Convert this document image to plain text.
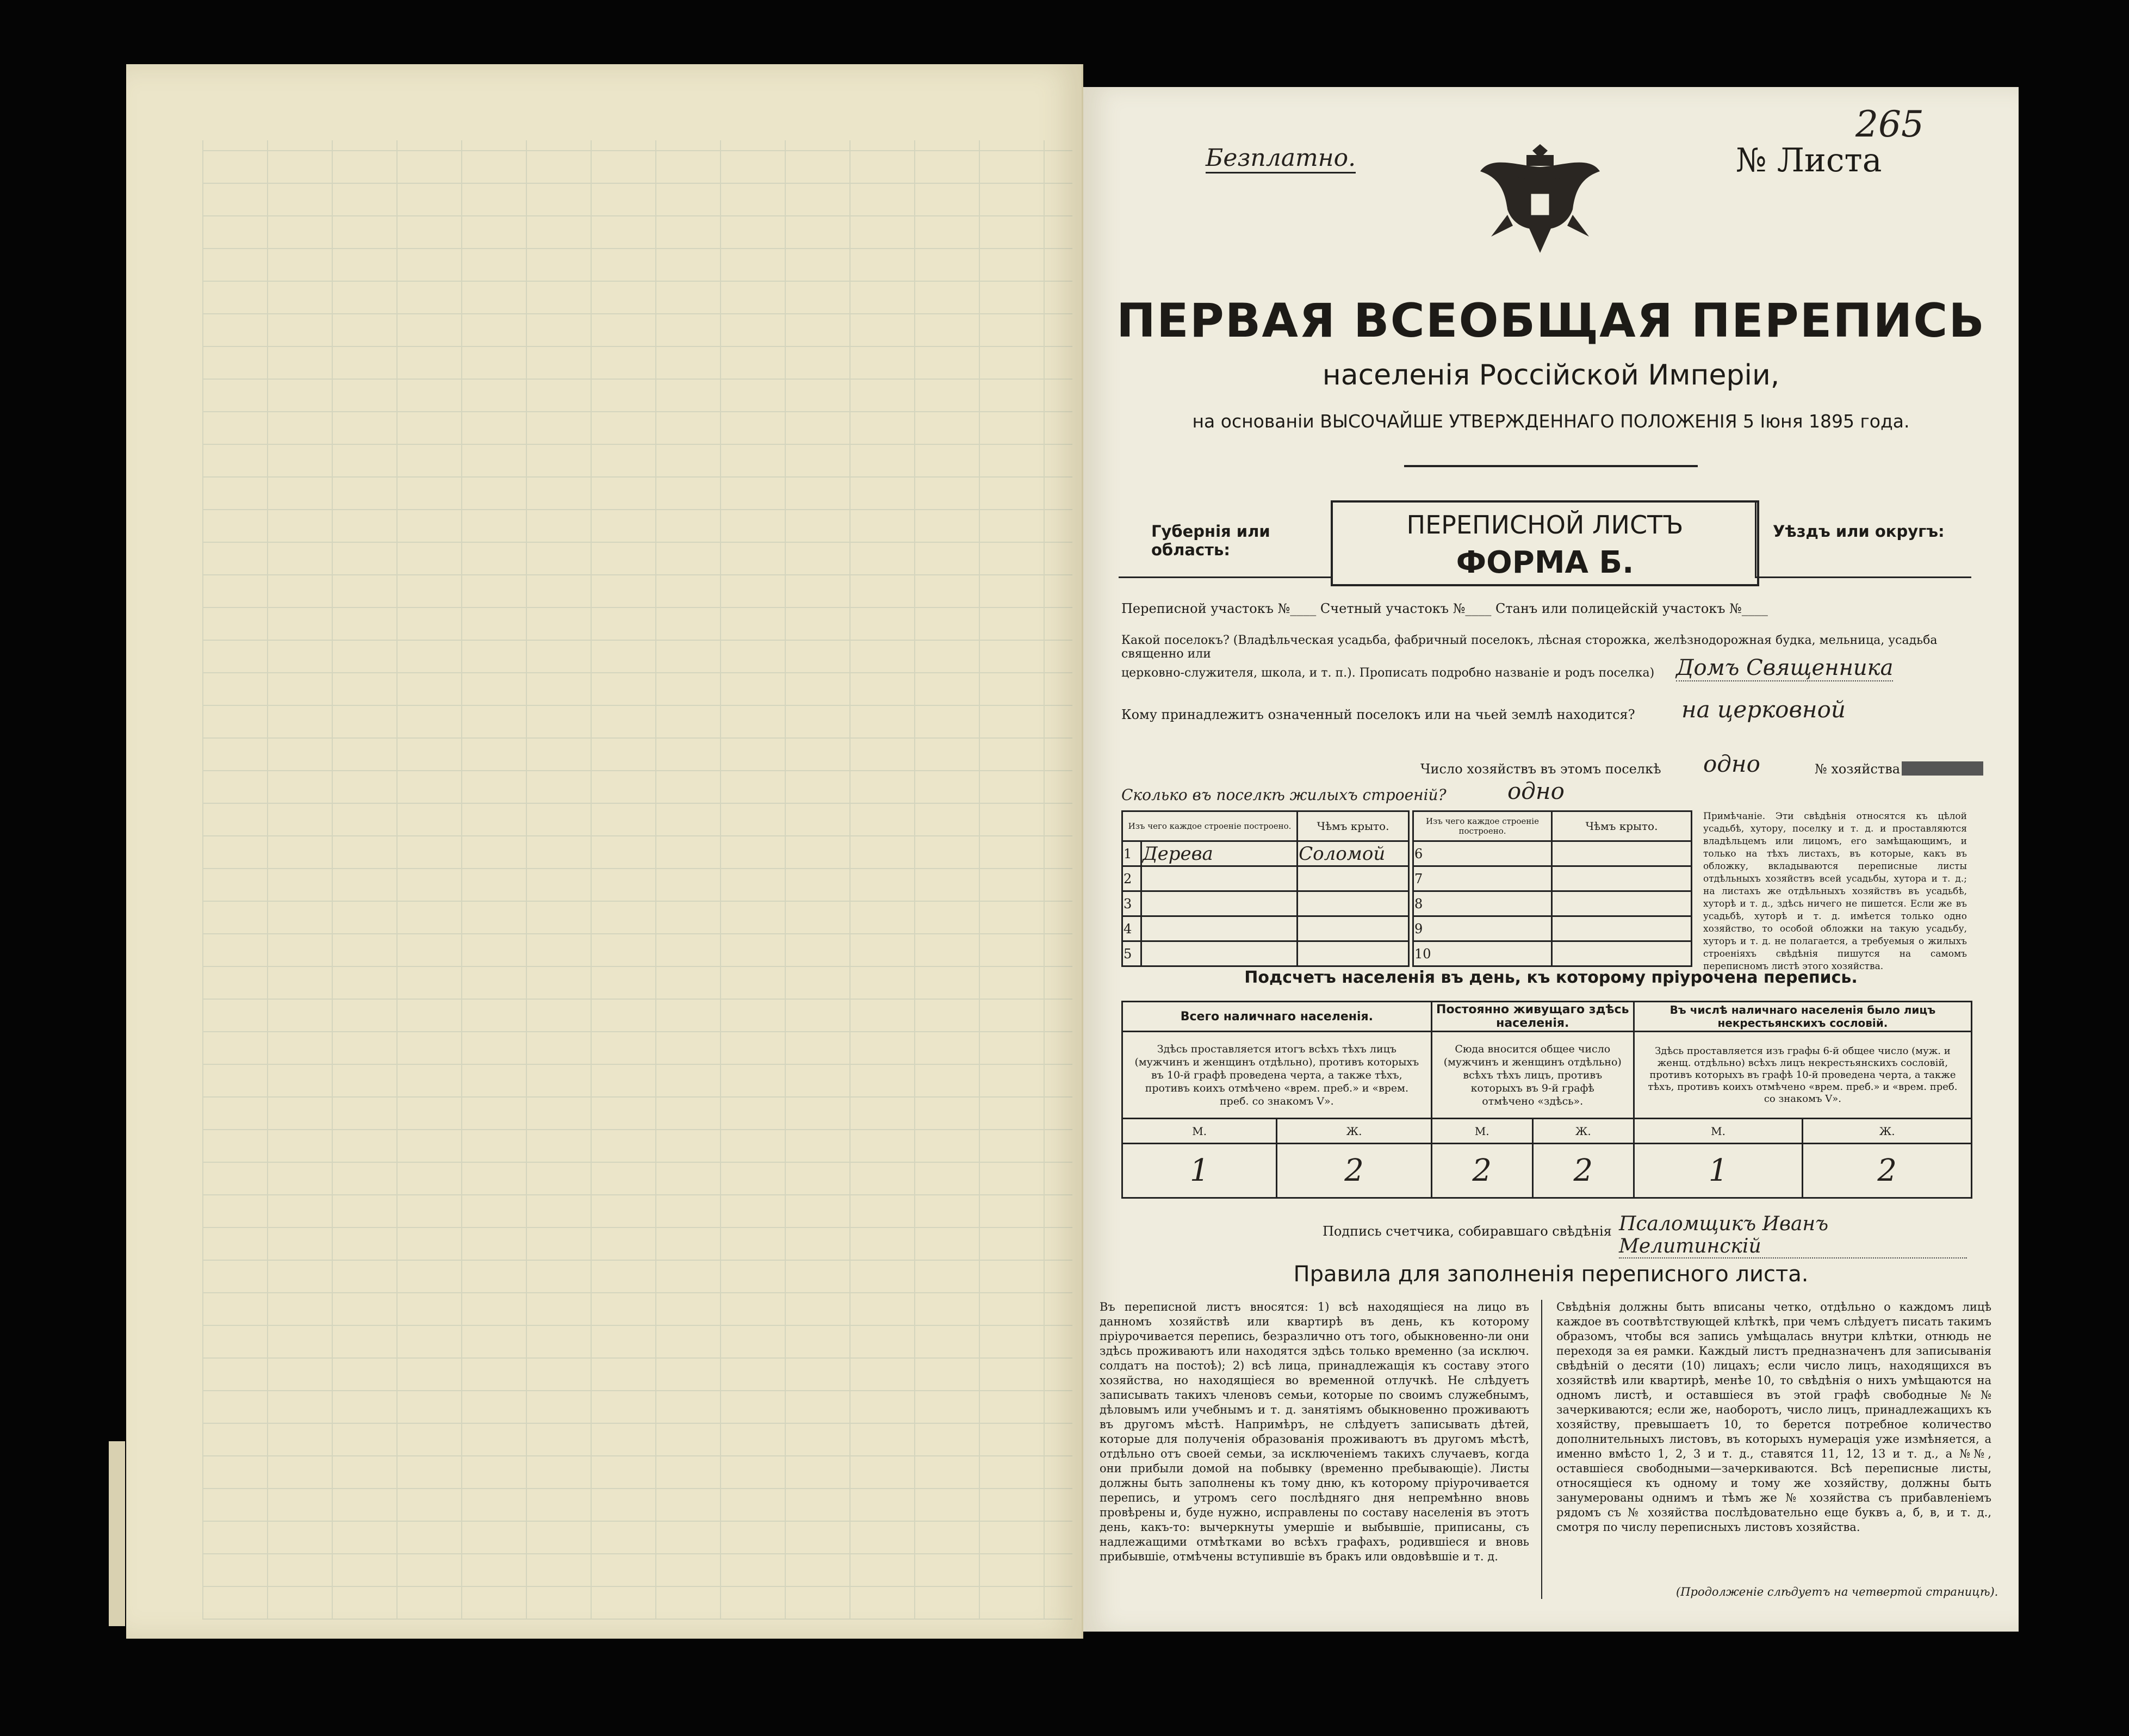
Безплатно.	№ Листа
265
ПЕРВАЯ ВСЕОБЩАЯ ПЕРЕПИСЬ
населенія Россійской Имперіи,
на основаніи ВЫСОЧАЙШЕ УТВЕРЖДЕННАГО ПОЛОЖЕНІЯ 5 Іюня 1895 года.
Губернія или область:
ПЕРЕПИСНОЙ ЛИСТЪ
ФОРМА Б.
Уѣздъ или округъ:
Переписной участокъ №____ Счетный участокъ №____ Станъ или полицейскій участокъ №____
Какой поселокъ? (Владѣльческая усадьба, фабричный поселокъ, лѣсная сторожка, желѣзнодорожная будка, мельница, усадьба священно или
церковно-служителя, школа, и т. п.). Прописать подробно названіе и родъ поселка) Домъ Священника
Кому принадлежитъ означенный поселокъ или на чьей землѣ находится? на церковной
Число хозяйствъ въ этомъ поселкѣ одно	№ хозяйства
Сколько въ поселкѣ жилыхъ строеній?	одно
Изъ чего каждое строеніе построено.		Чѣмъ крыто.
1	Дерева	Соломой
2		
3		
4		
5		
Изъ чего каждое строеніе построено.	Чѣмъ крыто.
6	
7	
8	
9	
10	
Примѣчаніе. Эти свѣдѣнія относятся къ цѣлой усадьбѣ, хутору, поселку и т. д. и проставляются владѣльцемъ или лицомъ, его замѣщающимъ, и только на тѣхъ листахъ, въ которые, какъ въ обложку, вкладываются переписные листы отдѣльныхъ хозяйствъ всей усадьбы, хутора и т. д.; на листахъ же отдѣльныхъ хозяйствъ въ усадьбѣ, хуторѣ и т. д., здѣсь ничего не пишется. Если же въ усадьбѣ, хуторѣ и т. д. имѣется только одно хозяйство, то особой обложки на такую усадьбу, хуторъ и т. д. не полагается, а требуемыя о жилыхъ строеніяхъ свѣдѣнія пишутся на самомъ переписномъ листѣ этого хозяйства.
Подсчетъ населенія въ день, къ которому пріурочена перепись.
Всего наличнаго населенія.		Постоянно живущаго здѣсь населенія.		Въ числѣ наличнаго населенія было лицъ некрестьянскихъ сословій.	
Здѣсь проставляется итогъ всѣхъ тѣхъ лицъ (мужчинъ и женщинъ отдѣльно), противъ которыхъ въ 10-й графѣ проведена черта, а также тѣхъ, противъ коихъ отмѣчено «врем. преб.» и «врем. преб. со знакомъ V».		Сюда вносится общее число (мужчинъ и женщинъ отдѣльно) всѣхъ тѣхъ лицъ, противъ которыхъ въ 9-й графѣ отмѣчено «здѣсь».		Здѣсь проставляется изъ графы 6-й общее число (муж. и женщ. отдѣльно) всѣхъ лицъ некрестьянскихъ сословій, противъ которыхъ въ графѣ 10-й проведена черта, а также тѣхъ, противъ коихъ отмѣчено «врем. преб.» и «врем. преб. со знакомъ V».	
М.	Ж.	М.	Ж.	М.	Ж.
1	2	2	2	1	2
Подпись счетчика, собиравшаго свѣдѣнія Псаломщикъ Иванъ Мелитинскій
Правила для заполненія переписного листа.
Въ переписной листъ вносятся: 1) всѣ находящіеся на лицо въ данномъ хозяйствѣ или квартирѣ въ день, къ которому пріурочивается перепись, безразлично отъ того, обыкновенно-ли они здѣсь проживаютъ или находятся здѣсь только временно (за исключ. солдатъ на постоѣ); 2) всѣ лица, принадлежащія къ составу этого хозяйства, но находящіеся во временной отлучкѣ. Не слѣдуетъ записывать такихъ членовъ семьи, которые по своимъ служебнымъ, дѣловымъ или учебнымъ и т. д. занятіямъ обыкновенно проживаютъ въ другомъ мѣстѣ. Напримѣръ, не слѣдуетъ записывать дѣтей, которые для полученія образованія проживаютъ въ другомъ мѣстѣ, отдѣльно отъ своей семьи, за исключеніемъ такихъ случаевъ, когда они прибыли домой на побывку (временно пребывающіе). Листы должны быть заполнены къ тому дню, къ которому пріурочивается перепись, и утромъ сего послѣдняго дня непремѣнно вновь провѣрены и, буде нужно, исправлены по составу населенія въ этотъ день, какъ-то: вычеркнуты умершіе и выбывшіе, приписаны, съ надлежащими отмѣтками во всѣхъ графахъ, родившіеся и вновь прибывшіе, отмѣчены вступившіе въ бракъ или овдовѣвшіе и т. д.
Свѣдѣнія должны быть вписаны четко, отдѣльно о каждомъ лицѣ каждое въ соотвѣтствующей клѣткѣ, при чемъ слѣдуетъ писать такимъ образомъ, чтобы вся запись умѣщалась внутри клѣтки, отнюдь не переходя за ея рамки. Каждый листъ предназначенъ для записыванія свѣдѣній о десяти (10) лицахъ; если число лицъ, находящихся въ хозяйствѣ или квартирѣ, менѣе 10, то свѣдѣнія о нихъ умѣщаются на одномъ листѣ, и оставшіеся въ этой графѣ свободные №№ зачеркиваются; если же, наоборотъ, число лицъ, принадлежащихъ къ хозяйству, превышаетъ 10, то берется потребное количество дополнительныхъ листовъ, въ которыхъ нумерація уже измѣняется, а именно вмѣсто 1, 2, 3 и т. д., ставятся 11, 12, 13 и т. д., а №№, оставшіеся свободными—зачеркиваются. Всѣ переписные листы, относящіеся къ одному и тому же хозяйству, должны быть занумерованы однимъ и тѣмъ же № хозяйства съ прибавленіемъ рядомъ съ № хозяйства послѣдовательно еще буквъ а, б, в, и т. д., смотря по числу переписныхъ листовъ хозяйства.
(Продолженіе слѣдуетъ на четвертой страницѣ).
